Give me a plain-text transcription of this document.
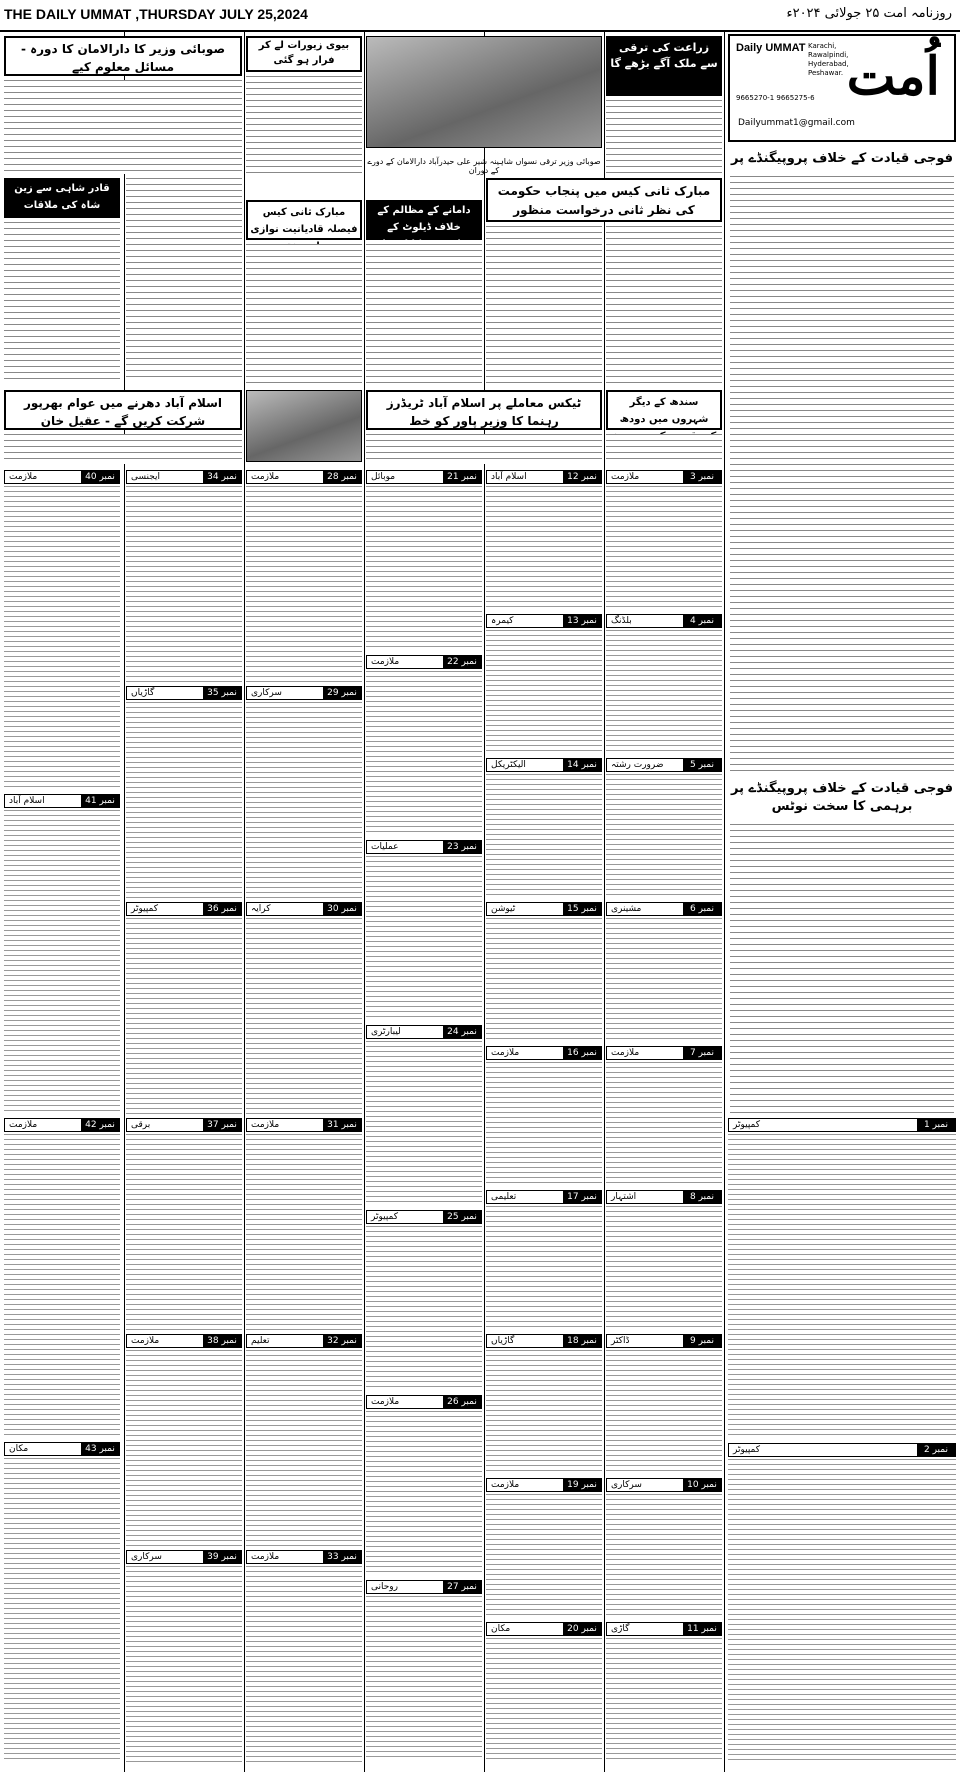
THE DAILY UMMAT ,THURSDAY JULY 25,2024	روزنامہ امت ۲۵ جولائی ۲۰۲۴ء
اُمت
Daily UMMAT Karachi, Rawalpindi, Hyderabad, Peshawar.
9665270-1 9665275-6
Dailyummat1@gmail.com
فوجی قیادت کے خلاف پروپیگنڈے پر
فوجی قیادت کے خلاف پروپیگنڈے پر برہمی کا سخت نوٹس
زراعت کی ترقی سے ملک آگے بڑھے گا
مبارک ثانی کیس میں پنجاب حکومت کی نظر ثانی درخواست منظور
سندھ کے دیگر شہروں میں دودھ
صوبائی وزیر ترقی نسواں شاہینہ شیر علی حیدرآباد دارالامان کے دورے کے دوران
بیوی زیورات لے کر فرار ہو گئی
دامانے کے مظالم کے خلاف ڈیلوٹ کے
مبارک ثانی کیس فیصلہ قادیانیت نوازی
ٹیکس معاملے پر اسلام آباد ٹریڈرز رہنما کا وزیر پاور کو خط
صوبائی وزیر کا دارالامان کا دورہ - مسائل معلوم کیے
قادر شاہی سے زین شاہ کی ملاقات
اسلام آباد دھرنے میں عوام بھرپور شرکت کریں گے - عقیل خان
نمبر 3
ملازمت
نمبر 4
بلڈنگ
نمبر 5
ضرورت رشتہ
نمبر 6
مشینری
نمبر 7
ملازمت
نمبر 8
اشتہار
نمبر 9
ڈاکٹر
نمبر 10
سرکاری
نمبر 11
گاڑی
نمبر 12
اسلام آباد
نمبر 13
کیمرہ
نمبر 14
الیکٹریکل
نمبر 15
ٹیوشن
نمبر 16
ملازمت
نمبر 17
تعلیمی
نمبر 18
گاڑیاں
نمبر 19
ملازمت
نمبر 20
مکان
نمبر 21
موبائل
نمبر 22
ملازمت
نمبر 23
عملیات
نمبر 24
لیبارٹری
نمبر 25
کمپیوٹر
نمبر 26
ملازمت
نمبر 27
روحانی
نمبر 28
ملازمت
نمبر 29
سرکاری
نمبر 30
کرایہ
نمبر 31
ملازمت
نمبر 32
تعلیم
نمبر 33
ملازمت
نمبر 34
ایجنسی
نمبر 35
گاڑیاں
نمبر 36
کمپیوٹر
نمبر 37
برقی
نمبر 38
ملازمت
نمبر 39
سرکاری
نمبر 40
ملازمت
نمبر 41
اسلام آباد
نمبر 42
ملازمت
نمبر 43
مکان
نمبر 1
کمپیوٹر
نمبر 2
کمپیوٹر
